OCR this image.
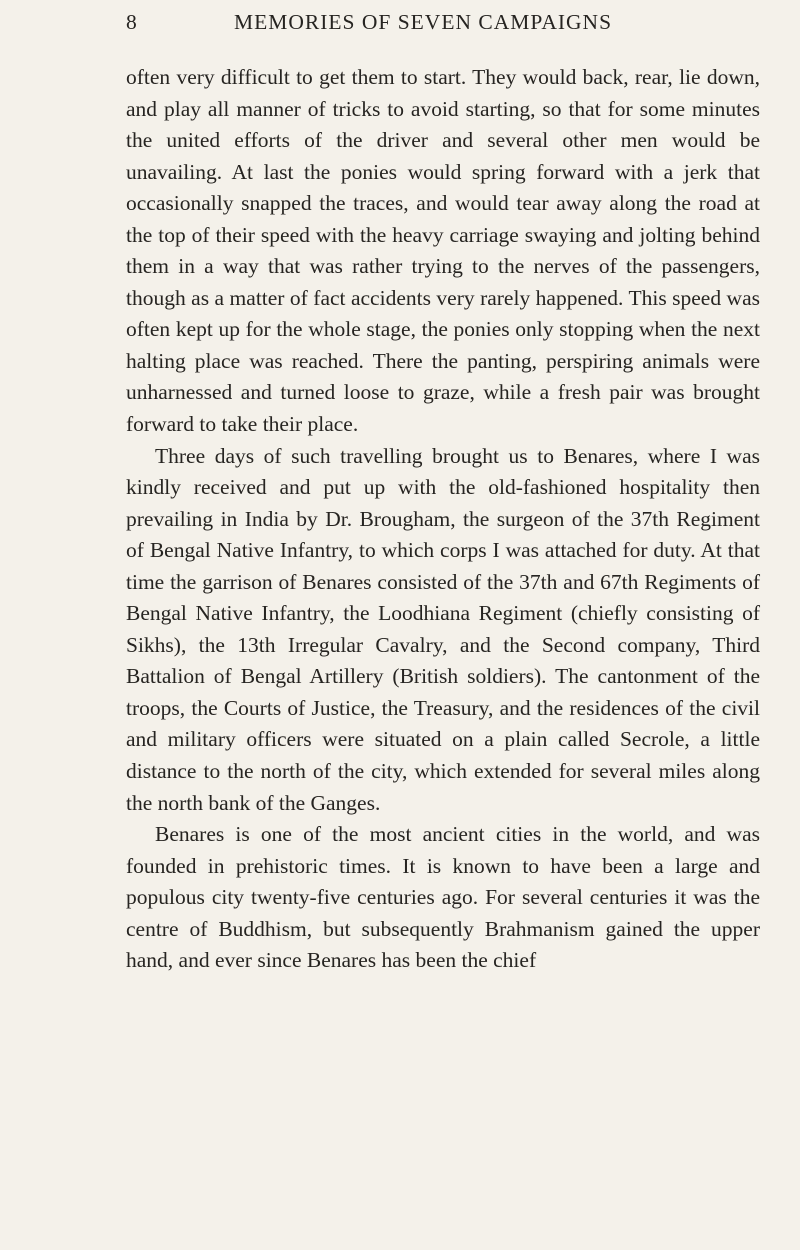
8	MEMORIES OF SEVEN CAMPAIGNS

often very difficult to get them to start. They would back, rear, lie down, and play all manner of tricks to avoid starting, so that for some minutes the united efforts of the driver and several other men would be unavailing. At last the ponies would spring forward with a jerk that occasionally snapped the traces, and would tear away along the road at the top of their speed with the heavy carriage swaying and jolting behind them in a way that was rather trying to the nerves of the passengers, though as a matter of fact accidents very rarely happened. This speed was often kept up for the whole stage, the ponies only stopping when the next halting place was reached. There the panting, perspiring animals were unharnessed and turned loose to graze, while a fresh pair was brought forward to take their place.

Three days of such travelling brought us to Benares, where I was kindly received and put up with the old-fashioned hospitality then prevailing in India by Dr. Brougham, the surgeon of the 37th Regiment of Bengal Native Infantry, to which corps I was attached for duty. At that time the garrison of Benares consisted of the 37th and 67th Regiments of Bengal Native Infantry, the Loodhiana Regiment (chiefly consisting of Sikhs), the 13th Irregular Cavalry, and the Second company, Third Battalion of Bengal Artillery (British soldiers). The cantonment of the troops, the Courts of Justice, the Treasury, and the residences of the civil and military officers were situated on a plain called Secrole, a little distance to the north of the city, which extended for several miles along the north bank of the Ganges.

Benares is one of the most ancient cities in the world, and was founded in prehistoric times. It is known to have been a large and populous city twenty-five centuries ago. For several centuries it was the centre of Buddhism, but subsequently Brahmanism gained the upper hand, and ever since Benares has been the chief
